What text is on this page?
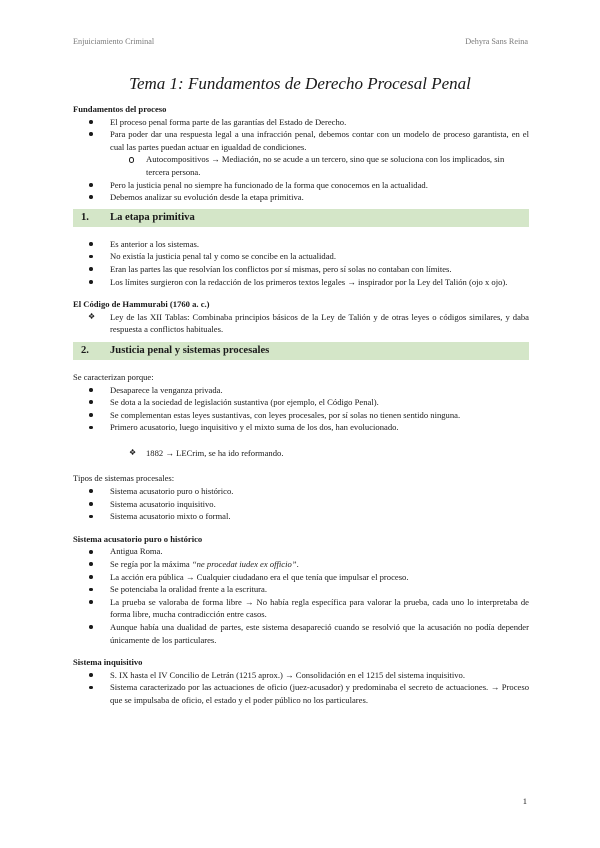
Enjuiciamiento Criminal	Dehyra Sans Reina
Tema 1: Fundamentos de Derecho Procesal Penal

Fundamentos del proceso

El proceso penal forma parte de las garantías del Estado de Derecho.
Para poder dar una respuesta legal a una infracción penal, debemos contar con un modelo de proceso garantista, en el cual las partes puedan actuar en igualdad de condiciones.
Autocompositivos → Mediación, no se acude a un tercero, sino que se soluciona con los implicados, sin tercera persona.
Pero la justicia penal no siempre ha funcionado de la forma que conocemos en la actualidad.
Debemos analizar su evolución desde la etapa primitiva.
1. La etapa primitiva
Es anterior a los sistemas.
No existía la justicia penal tal y como se concibe en la actualidad.
Eran las partes las que resolvían los conflictos por sí mismas, pero sí solas no contaban con límites.
Los límites surgieron con la redacción de los primeros textos legales → inspirador por la Ley del Talión (ojo x ojo).

El Código de Hammurabi (1760 a. c.)

❖ Ley de las XII Tablas: Combinaba principios básicos de la Ley de Talión y de otras leyes o códigos similares, y daba respuesta a conflictos habituales.
2. Justicia penal y sistemas procesales

Se caracterizan porque:

Desaparece la venganza privada.
Se dota a la sociedad de legislación sustantiva (por ejemplo, el Código Penal).
Se complementan estas leyes sustantivas, con leyes procesales, por sí solas no tienen sentido ninguna.
Primero acusatorio, luego inquisitivo y el mixto suma de los dos, han evolucionado.
❖ 1882 → LECrim, se ha ido reformando.

Tipos de sistemas procesales:

Sistema acusatorio puro o histórico.
Sistema acusatorio inquisitivo.
Sistema acusatorio mixto o formal.

Sistema acusatorio puro o histórico

Antigua Roma.
Se regía por la máxima “ne procedat iudex ex officio”.
La acción era pública → Cualquier ciudadano era el que tenía que impulsar el proceso.
Se potenciaba la oralidad frente a la escritura.
La prueba se valoraba de forma libre → No había regla específica para valorar la prueba, cada uno lo interpretaba de forma libre, mucha contradicción entre casos.
Aunque había una dualidad de partes, este sistema desapareció cuando se resolvió que la acusación no podía depender únicamente de los particulares.

Sistema inquisitivo

S. IX hasta el IV Concilio de Letrán (1215 aprox.) → Consolidación en el 1215 del sistema inquisitivo.
Sistema caracterizado por las actuaciones de oficio (juez-acusador) y predominaba el secreto de actuaciones. → Proceso que se impulsaba de oficio, el estado y el poder público no los particulares.
1
